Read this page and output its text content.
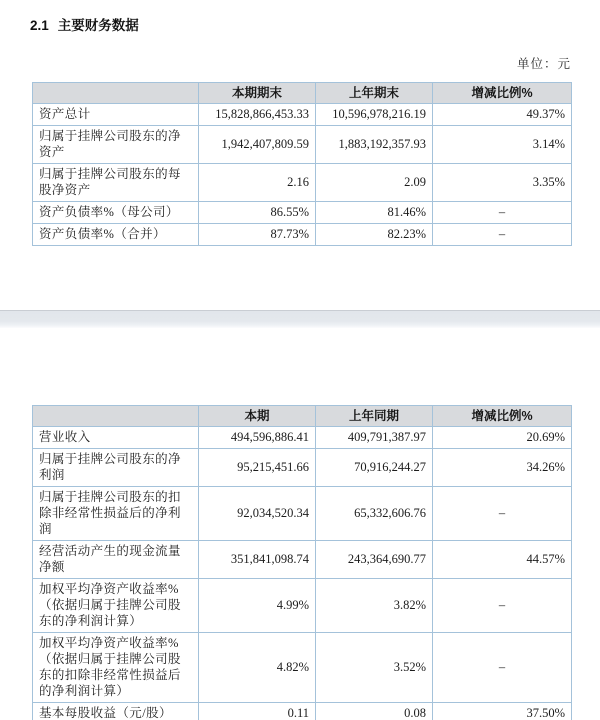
2.1 主要财务数据
单位：元
	本期期末	上年期末	增减比例%
资产总计	15,828,866,453.33	10,596,978,216.19	49.37%
归属于挂牌公司股东的净资产	1,942,407,809.59	1,883,192,357.93	3.14%
归属于挂牌公司股东的每股净资产	2.16	2.09	3.35%
资产负债率%（母公司）	86.55%	81.46%	–
资产负债率%（合并）	87.73%	82.23%	–
	本期	上年同期	增减比例%
营业收入	494,596,886.41	409,791,387.97	20.69%
归属于挂牌公司股东的净利润	95,215,451.66	70,916,244.27	34.26%
归属于挂牌公司股东的扣除非经常性损益后的净利润	92,034,520.34	65,332,606.76	–
经营活动产生的现金流量净额	351,841,098.74	243,364,690.77	44.57%
加权平均净资产收益率%（依据归属于挂牌公司股东的净利润计算）	4.99%	3.82%	–
加权平均净资产收益率%（依据归属于挂牌公司股东的扣除非经常性损益后的净利润计算）	4.82%	3.52%	–
基本每股收益（元/股）	0.11	0.08	37.50%
